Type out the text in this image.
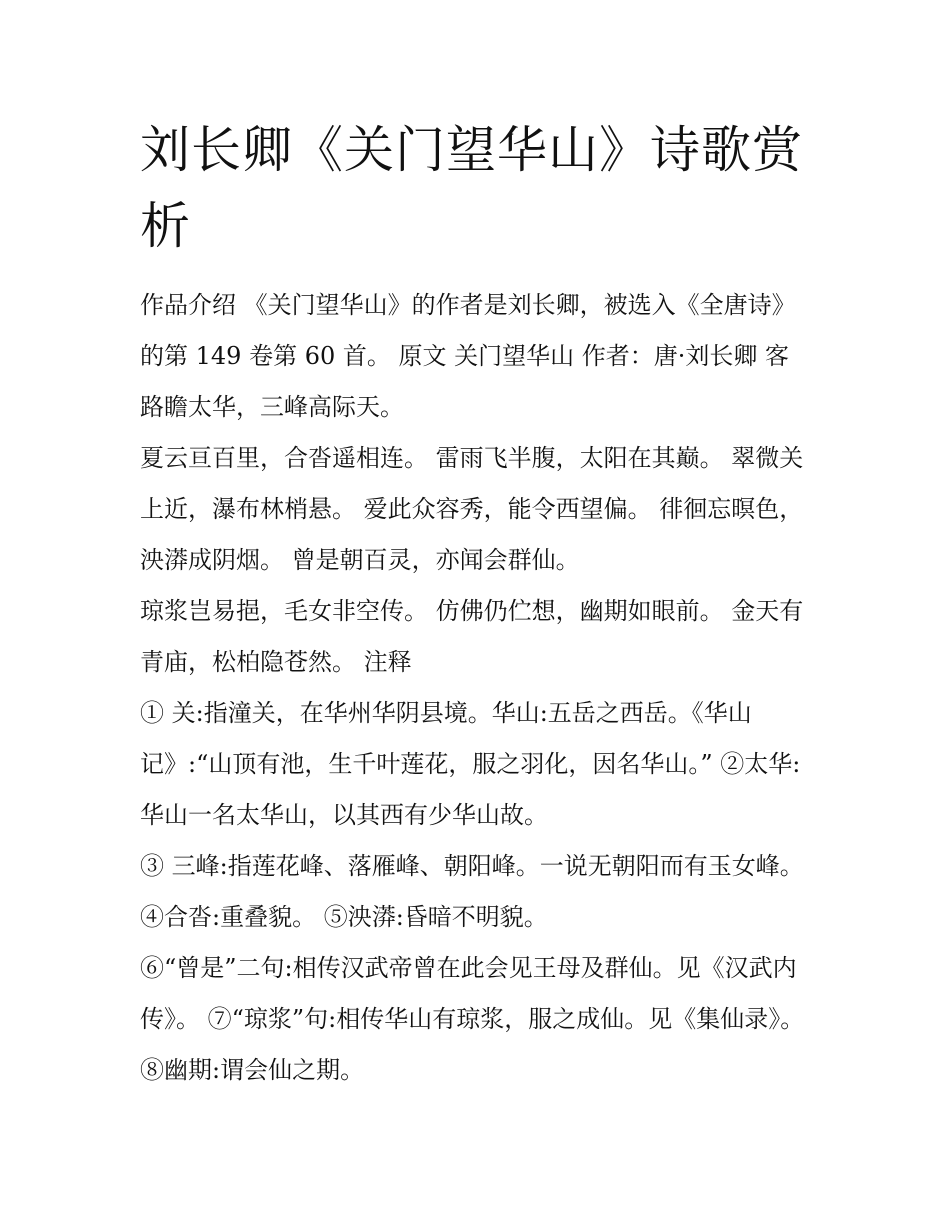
刘长卿《关门望华山》诗歌赏析

作品介绍 《关门望华山》的作者是刘长卿，被选入《全唐诗》的第 149 卷第 60 首。 原文 关门望华山 作者：唐·刘长卿 客路瞻太华，三峰高际天。

夏云亘百里，合沓遥相连。 雷雨飞半腹，太阳在其巅。 翠微关上近，瀑布林梢悬。 爱此众容秀，能令西望偏。 徘徊忘暝色，泱漭成阴烟。 曾是朝百灵，亦闻会群仙。

琼浆岂易挹，毛女非空传。 仿佛仍伫想，幽期如眼前。 金天有青庙，松柏隐苍然。 注释

① 关:指潼关，在华州华阴县境。华山:五岳之西岳。《华山记》:“山顶有池，生千叶莲花，服之羽化，因名华山。” ②太华:华山一名太华山，以其西有少华山故。

③ 三峰:指莲花峰、落雁峰、朝阳峰。一说无朝阳而有玉女峰。 ④合沓:重叠貌。 ⑤泱漭:昏暗不明貌。

⑥“曾是”二句:相传汉武帝曾在此会见王母及群仙。见《汉武内传》。 ⑦“琼浆”句:相传华山有琼浆，服之成仙。见《集仙录》。 ⑧幽期:谓会仙之期。
